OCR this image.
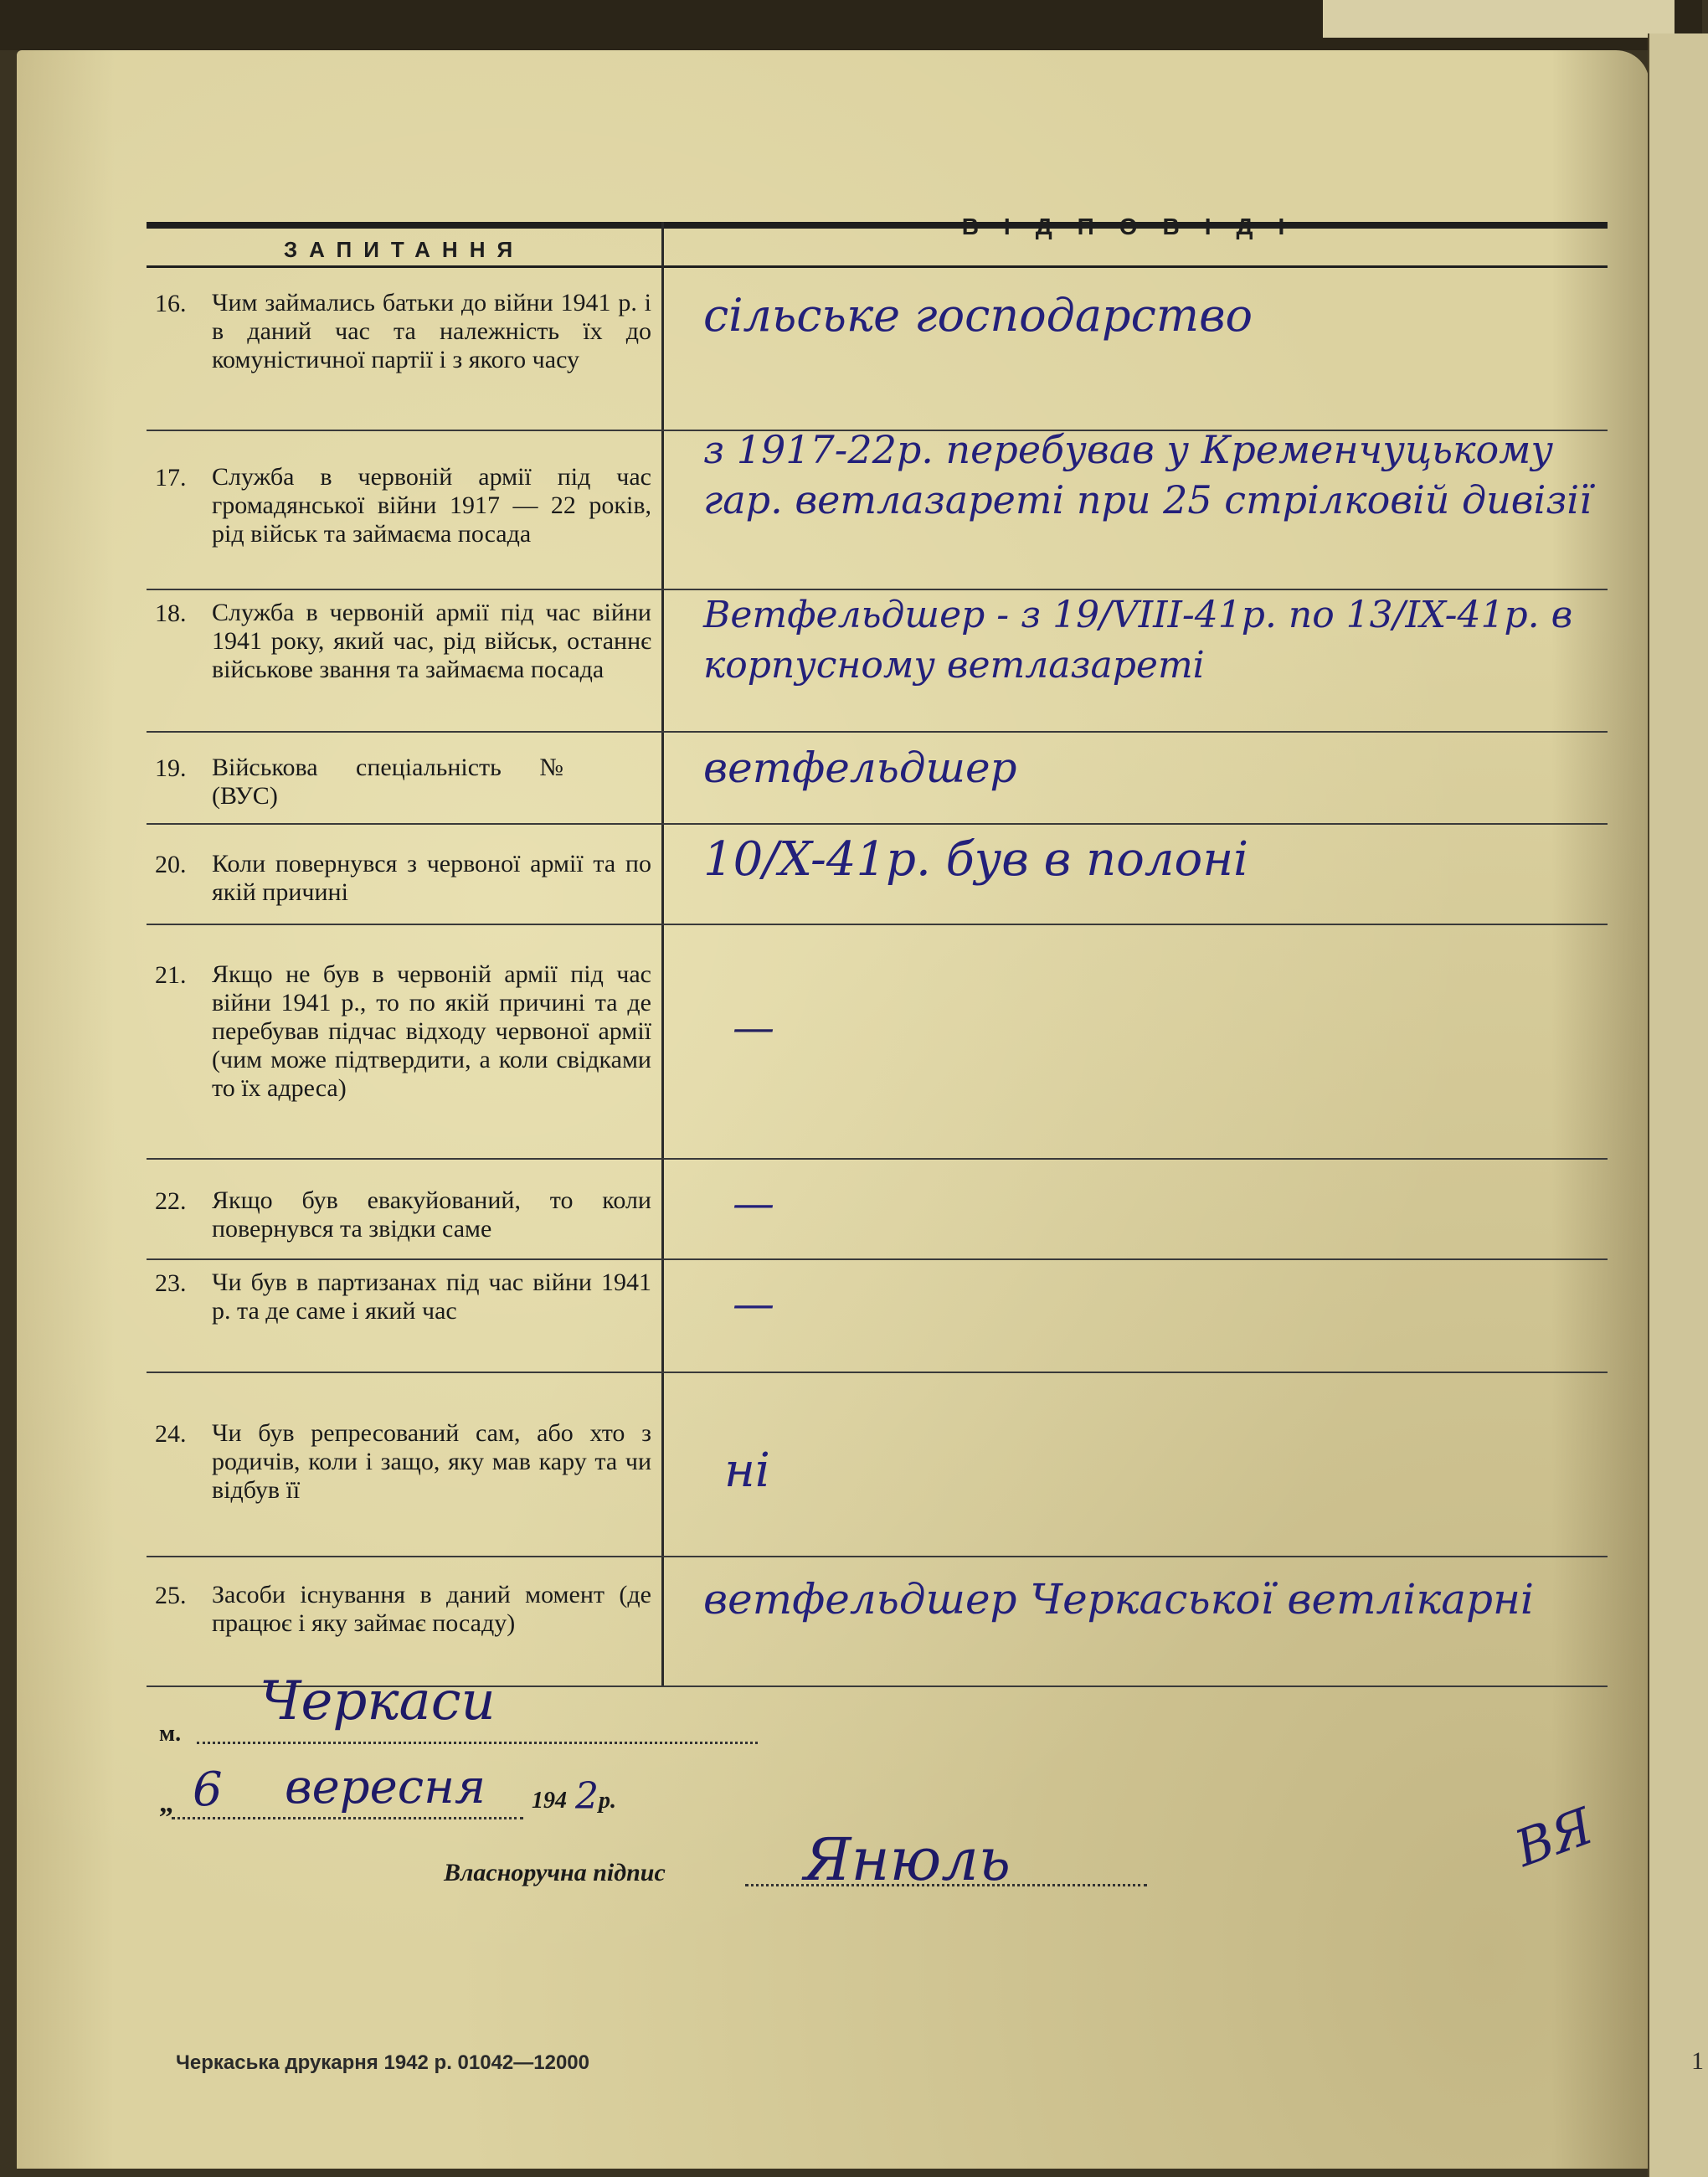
1
ЗАПИТАННЯ
ВІДПОВІДІ
16. Чим займались батьки до війни 1941 р. і в даний час та належність їх до комуністичної партії і з якого часу
сільське господарство
17. Служба в червоній армії під час громадянської війни 1917 — 22 років, рід військ та займаєма посада
з 1917-22р. перебував у Кременчуцькому гар. ветлазареті при 25 стрілковій дивізії
18. Служба в червоній армії під час війни 1941 року, який час, рід військ, останнє військове звання та займаєма посада
Ветфельдшер - з 19/VIII-41р. по 13/IX-41р. в корпусному ветлазареті
19. Військова спеціальність № (ВУС)
ветфельдшер
20. Коли повернувся з червоної армії та по якій причині
10/X-41р. був в полоні
21. Якщо не був в червоній армії під час війни 1941 р., то по якій причині та де перебував підчас відходу червоної армії (чим може підтвердити, а коли свідками то їх адреса)
—
22. Якщо був евакуйований, то коли повернувся та звідки саме
—
23. Чи був в партизанах під час війни 1941 р. та де саме і який час	—
24. Чи був репресований сам, або хто з родичів, коли і защо, яку мав кару та чи відбув її	ні
25. Засоби існування в даний момент (де працює і яку займає посаду)	ветфельдшер Черкаської ветлікарні
м.
Черкаси
„ 6 вересня 194 2 р.
Власноручна підпис Янюль	ВЯ
Черкаська друкарня 1942 р. 01042—12000
